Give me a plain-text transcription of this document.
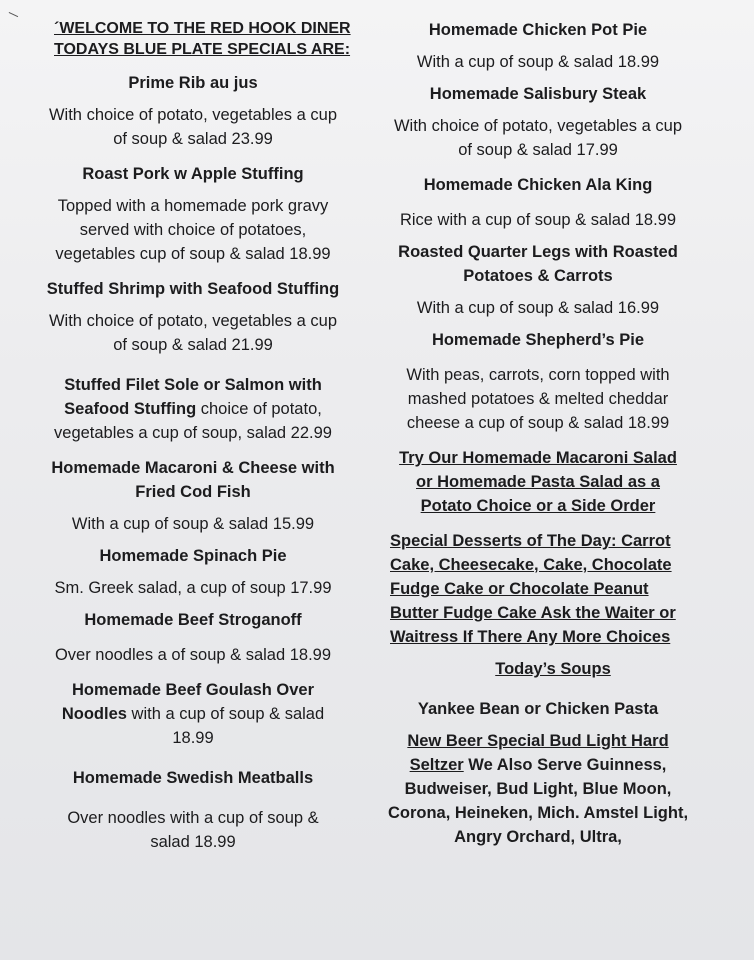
´WELCOME TO THE RED HOOK DINER
TODAYS BLUE PLATE SPECIALS ARE:
Prime Rib au jus
With choice of potato, vegetables a cup of soup & salad 23.99
Roast Pork w Apple Stuffing
Topped with a homemade pork gravy served with choice of potatoes, vegetables cup of soup & salad 18.99
Stuffed Shrimp with Seafood Stuffing
With choice of potato, vegetables a cup of soup & salad 21.99
Stuffed Filet Sole or Salmon with Seafood Stuffing choice of potato, vegetables a cup of soup, salad 22.99
Homemade Macaroni & Cheese with Fried Cod Fish
With a cup of soup & salad 15.99
Homemade Spinach Pie
Sm. Greek salad, a cup of soup 17.99
Homemade Beef Stroganoff
Over noodles a of soup & salad 18.99
Homemade Beef Goulash Over Noodles with a cup of soup & salad 18.99
Homemade Swedish Meatballs
Over noodles with a cup of soup & salad 18.99
Homemade Chicken Pot Pie
With a cup of soup & salad 18.99
Homemade Salisbury Steak
With choice of potato, vegetables a cup of soup & salad 17.99
Homemade Chicken Ala King
Rice with a cup of soup & salad 18.99
Roasted Quarter Legs with Roasted Potatoes & Carrots
With a cup of soup & salad 16.99
Homemade Shepherd’s Pie
With peas, carrots, corn topped with mashed potatoes & melted cheddar cheese a cup of soup & salad 18.99
Try Our Homemade Macaroni Salad or Homemade Pasta Salad as a Potato Choice or a Side Order
Special Desserts of The Day: Carrot Cake, Cheesecake, Cake, Chocolate Fudge Cake or Chocolate Peanut Butter Fudge Cake Ask the Waiter or Waitress If There Any More Choices
Today’s Soups
Yankee Bean or Chicken Pasta
New Beer Special Bud Light Hard Seltzer We Also Serve Guinness, Budweiser, Bud Light, Blue Moon, Corona, Heineken, Mich. Amstel Light, Angry Orchard, Ultra,
